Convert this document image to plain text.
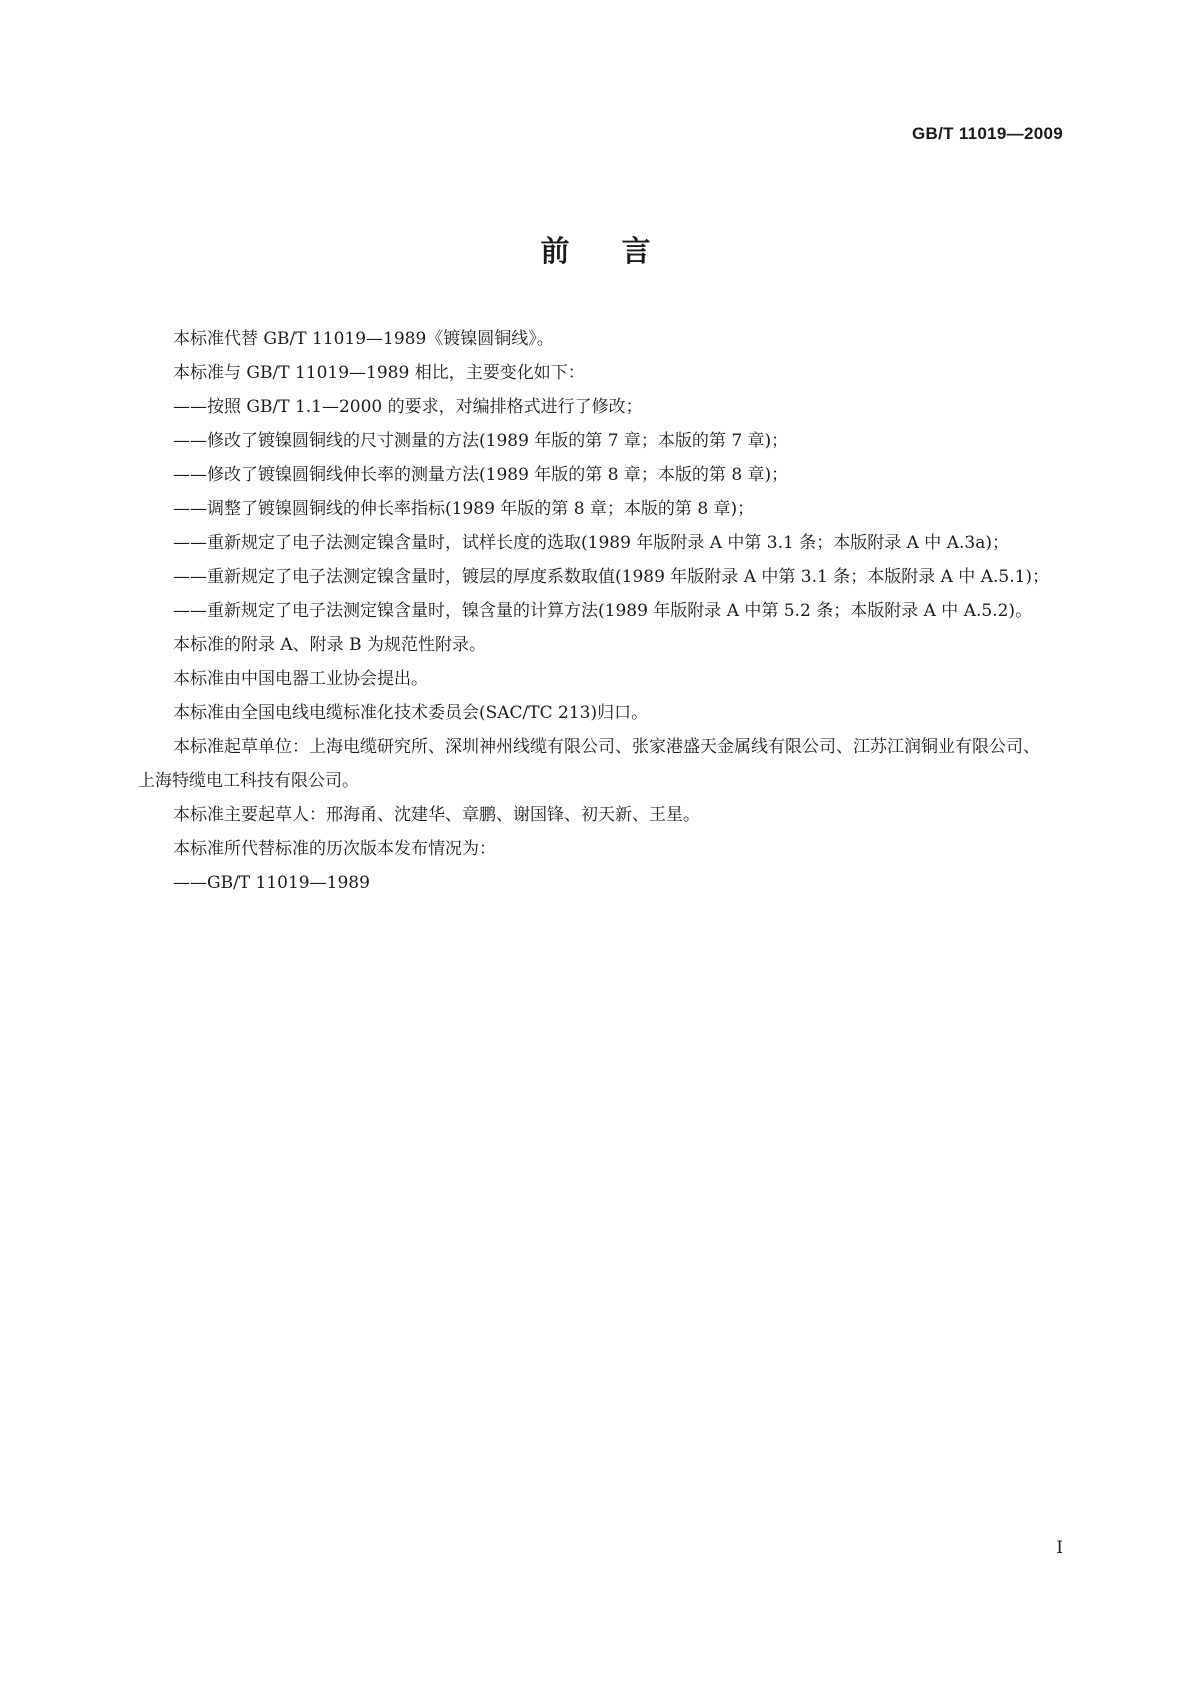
GB/T 11019—2009
前言

本标准代替 GB/T 11019—1989《镀镍圆铜线》。

本标准与 GB/T 11019—1989 相比，主要变化如下：

——按照 GB/T 1.1—2000 的要求，对编排格式进行了修改；

——修改了镀镍圆铜线的尺寸测量的方法(1989 年版的第 7 章；本版的第 7 章)；

——修改了镀镍圆铜线伸长率的测量方法(1989 年版的第 8 章；本版的第 8 章)；

——调整了镀镍圆铜线的伸长率指标(1989 年版的第 8 章；本版的第 8 章)；

——重新规定了电子法测定镍含量时，试样长度的选取(1989 年版附录 A 中第 3.1 条；本版附录 A 中 A.3a)；

——重新规定了电子法测定镍含量时，镀层的厚度系数取值(1989 年版附录 A 中第 3.1 条；本版附录 A 中 A.5.1)；

——重新规定了电子法测定镍含量时，镍含量的计算方法(1989 年版附录 A 中第 5.2 条；本版附录 A 中 A.5.2)。

本标准的附录 A、附录 B 为规范性附录。

本标准由中国电器工业协会提出。

本标准由全国电线电缆标准化技术委员会(SAC/TC 213)归口。

本标准起草单位：上海电缆研究所、深圳神州线缆有限公司、张家港盛天金属线有限公司、江苏江润铜业有限公司、上海特缆电工科技有限公司。

本标准主要起草人：邢海甬、沈建华、章鹏、谢国锋、初天新、王星。

本标准所代替标准的历次版本发布情况为：

——GB/T 11019—1989

I
